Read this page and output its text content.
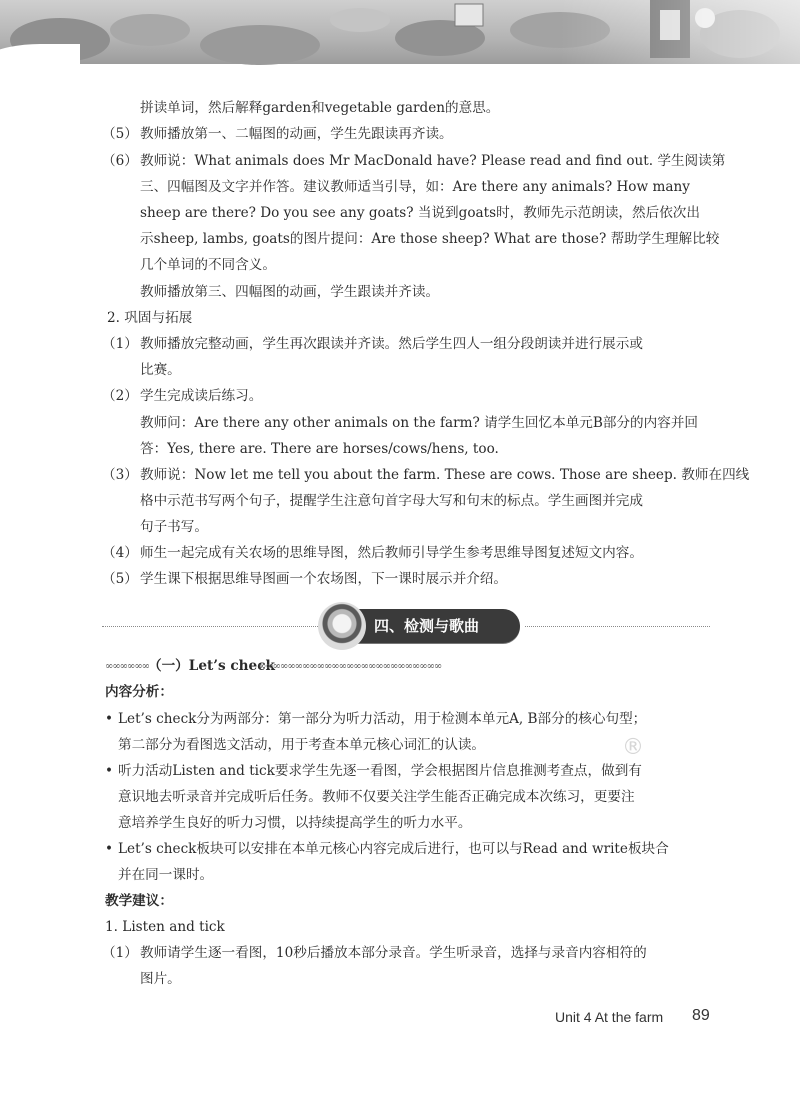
拼读单词，然后解释garden和vegetable garden的意思。
（5） 教师播放第一、二幅图的动画，学生先跟读再齐读。
（6） 教师说：What animals does Mr MacDonald have? Please read and find out. 学生阅读第
三、四幅图及文字并作答。建议教师适当引导，如：Are there any animals? How many
sheep are there? Do you see any goats? 当说到goats时，教师先示范朗读，然后依次出
示sheep, lambs, goats的图片提问：Are those sheep? What are those? 帮助学生理解比较
几个单词的不同含义。
教师播放第三、四幅图的动画，学生跟读并齐读。
2. 巩固与拓展
（1） 教师播放完整动画，学生再次跟读并齐读。然后学生四人一组分段朗读并进行展示或
比赛。
（2） 学生完成读后练习。
教师问：Are there any other animals on the farm? 请学生回忆本单元B部分的内容并回
答：Yes, there are. There are horses/cows/hens, too.
（3） 教师说：Now let me tell you about the farm. These are cows. Those are sheep. 教师在四线
格中示范书写两个句子，提醒学生注意句首字母大写和句末的标点。学生画图并完成
句子书写。
（4） 师生一起完成有关农场的思维导图，然后教师引导学生参考思维导图复述短文内容。
（5） 学生课下根据思维导图画一个农场图，下一课时展示并介绍。
四、检测与歌曲
∞∞∞∞∞∞ （一）Let’s check
∞∞∞∞∞∞∞∞∞∞∞∞∞∞∞∞∞∞∞∞∞∞∞∞∞
内容分析：
• Let’s check分为两部分：第一部分为听力活动，用于检测本单元A, B部分的核心句型；
第二部分为看图选文活动，用于考查本单元核心词汇的认读。
• 听力活动Listen and tick要求学生先逐一看图，学会根据图片信息推测考查点，做到有
意识地去听录音并完成听后任务。教师不仅要关注学生能否正确完成本次练习，更要注
意培养学生良好的听力习惯，以持续提高学生的听力水平。
• Let’s check板块可以安排在本单元核心内容完成后进行，也可以与Read and write板块合
并在同一课时。
教学建议：
1. Listen and tick
（1） 教师请学生逐一看图，10秒后播放本部分录音。学生听录音，选择与录音内容相符的
图片。
®
Unit 4 At the farm 89
